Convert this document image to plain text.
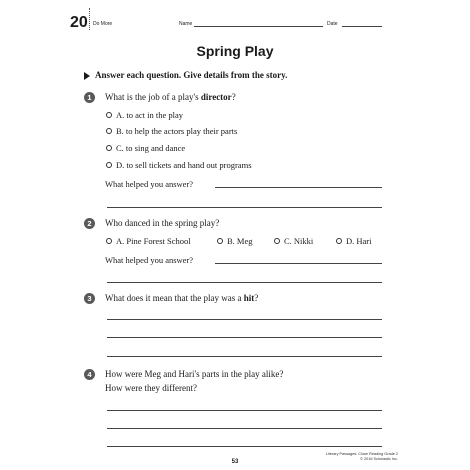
20 Do More	Name	Date
Spring Play
Answer each question. Give details from the story.
1	What is the job of a play's director?
A. to act in the play
B. to help the actors play their parts
C. to sing and dance
D. to sell tickets and hand out programs
What helped you answer?
2	Who danced in the spring play?
A. Pine Forest School	B. Meg	C. Nikki	D. Hari
What helped you answer?
3	What does it mean that the play was a hit?
4	How were Meg and Hari's parts in the play alike?
How were they different?
53
Literary Passages: Close Reading Grade 2
© 2016 Scholastic Inc.
